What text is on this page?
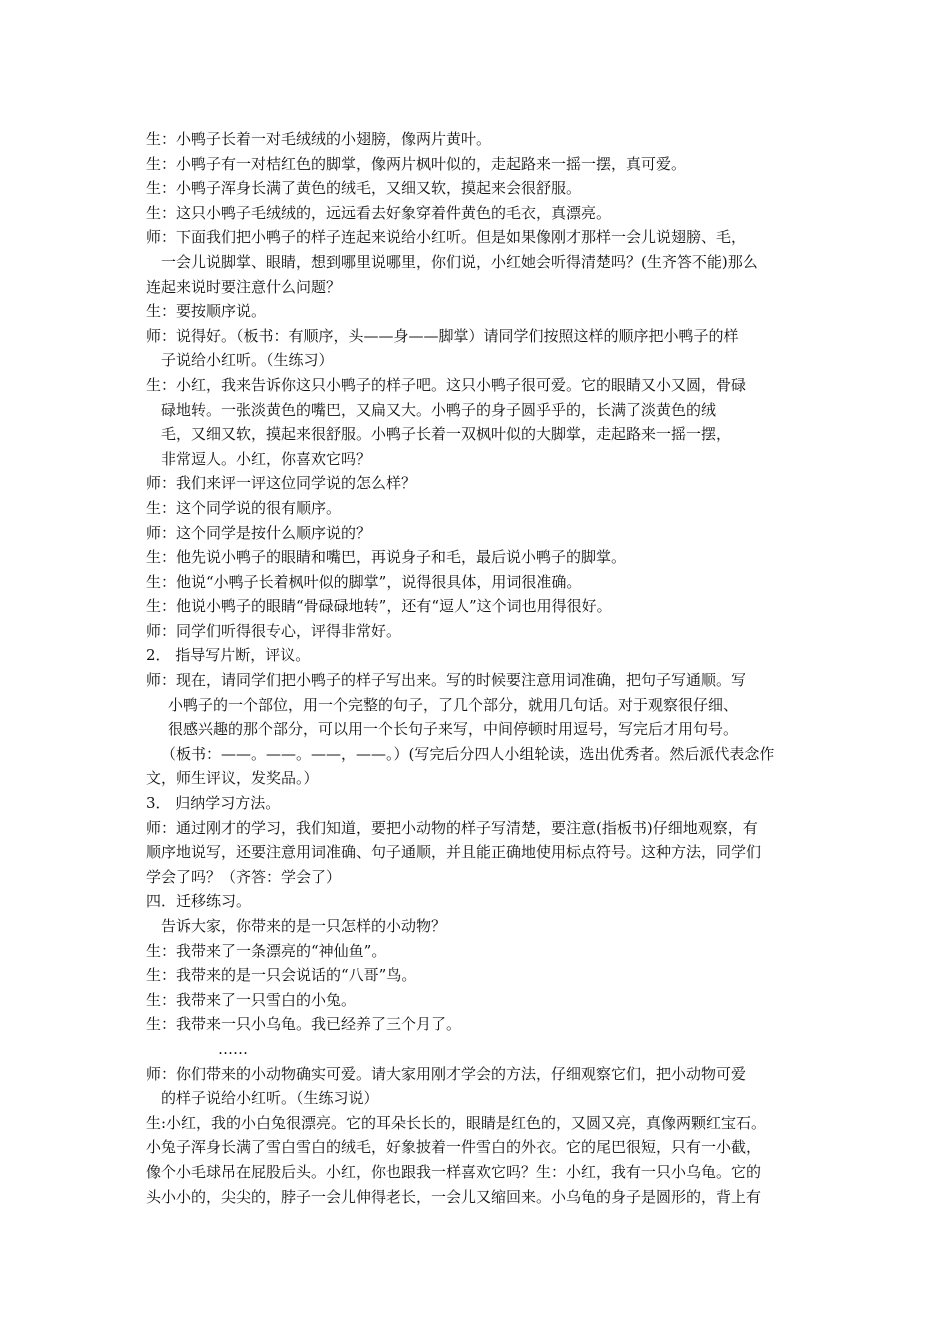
生：小鸭子长着一对毛绒绒的小翅膀，像两片黄叶。
生：小鸭子有一对桔红色的脚掌，像两片枫叶似的，走起路来一摇一摆，真可爱。
生：小鸭子浑身长满了黄色的绒毛，又细又软，摸起来会很舒服。
生：这只小鸭子毛绒绒的，远远看去好象穿着件黄色的毛衣，真漂亮。
师：下面我们把小鸭子的样子连起来说给小红听。但是如果像刚才那样一会儿说翅膀、毛，
一会儿说脚掌、眼睛，想到哪里说哪里，你们说，小红她会听得清楚吗？(生齐答不能)那么
连起来说时要注意什么问题？
生：要按顺序说。
师：说得好。（板书：有顺序，头——身——脚掌）请同学们按照这样的顺序把小鸭子的样
子说给小红听。（生练习）
生：小红，我来告诉你这只小鸭子的样子吧。这只小鸭子很可爱。它的眼睛又小又圆，骨碌
碌地转。一张淡黄色的嘴巴，又扁又大。小鸭子的身子圆乎乎的，长满了淡黄色的绒
毛，又细又软，摸起来很舒服。小鸭子长着一双枫叶似的大脚掌，走起路来一摇一摆，
非常逗人。小红，你喜欢它吗？
师：我们来评一评这位同学说的怎么样？
生：这个同学说的很有顺序。
师：这个同学是按什么顺序说的？
生：他先说小鸭子的眼睛和嘴巴，再说身子和毛，最后说小鸭子的脚掌。
生：他说“小鸭子长着枫叶似的脚掌”，说得很具体，用词很准确。
生：他说小鸭子的眼睛“骨碌碌地转”，还有“逗人”这个词也用得很好。
师：同学们听得很专心，评得非常好。
2． 指导写片断，评议。
师：现在，请同学们把小鸭子的样子写出来。写的时候要注意用词准确，把句子写通顺。写
小鸭子的一个部位，用一个完整的句子，了几个部分，就用几句话。对于观察很仔细、
很感兴趣的那个部分，可以用一个长句子来写，中间停顿时用逗号，写完后才用句号。
（板书：——。——。——，——。）(写完后分四人小组轮读，选出优秀者。然后派代表念作
文，师生评议，发奖品。）
3． 归纳学习方法。
师：通过刚才的学习，我们知道，要把小动物的样子写清楚，要注意(指板书)仔细地观察，有
顺序地说写，还要注意用词准确、句子通顺，并且能正确地使用标点符号。这种方法，同学们
学会了吗？（齐答：学会了）
四．迁移练习。
告诉大家，你带来的是一只怎样的小动物？
生：我带来了一条漂亮的“神仙鱼”。
生：我带来的是一只会说话的“八哥”鸟。
生：我带来了一只雪白的小兔。
生：我带来一只小乌龟。我已经养了三个月了。
……
师：你们带来的小动物确实可爱。请大家用刚才学会的方法，仔细观察它们，把小动物可爱
的样子说给小红听。（生练习说）
生:小红，我的小白兔很漂亮。它的耳朵长长的，眼睛是红色的，又圆又亮，真像两颗红宝石。
小兔子浑身长满了雪白雪白的绒毛，好象披着一件雪白的外衣。它的尾巴很短，只有一小截，
像个小毛球吊在屁股后头。小红，你也跟我一样喜欢它吗？生：小红，我有一只小乌龟。它的
头小小的，尖尖的，脖子一会儿伸得老长，一会儿又缩回来。小乌龟的身子是圆形的，背上有
